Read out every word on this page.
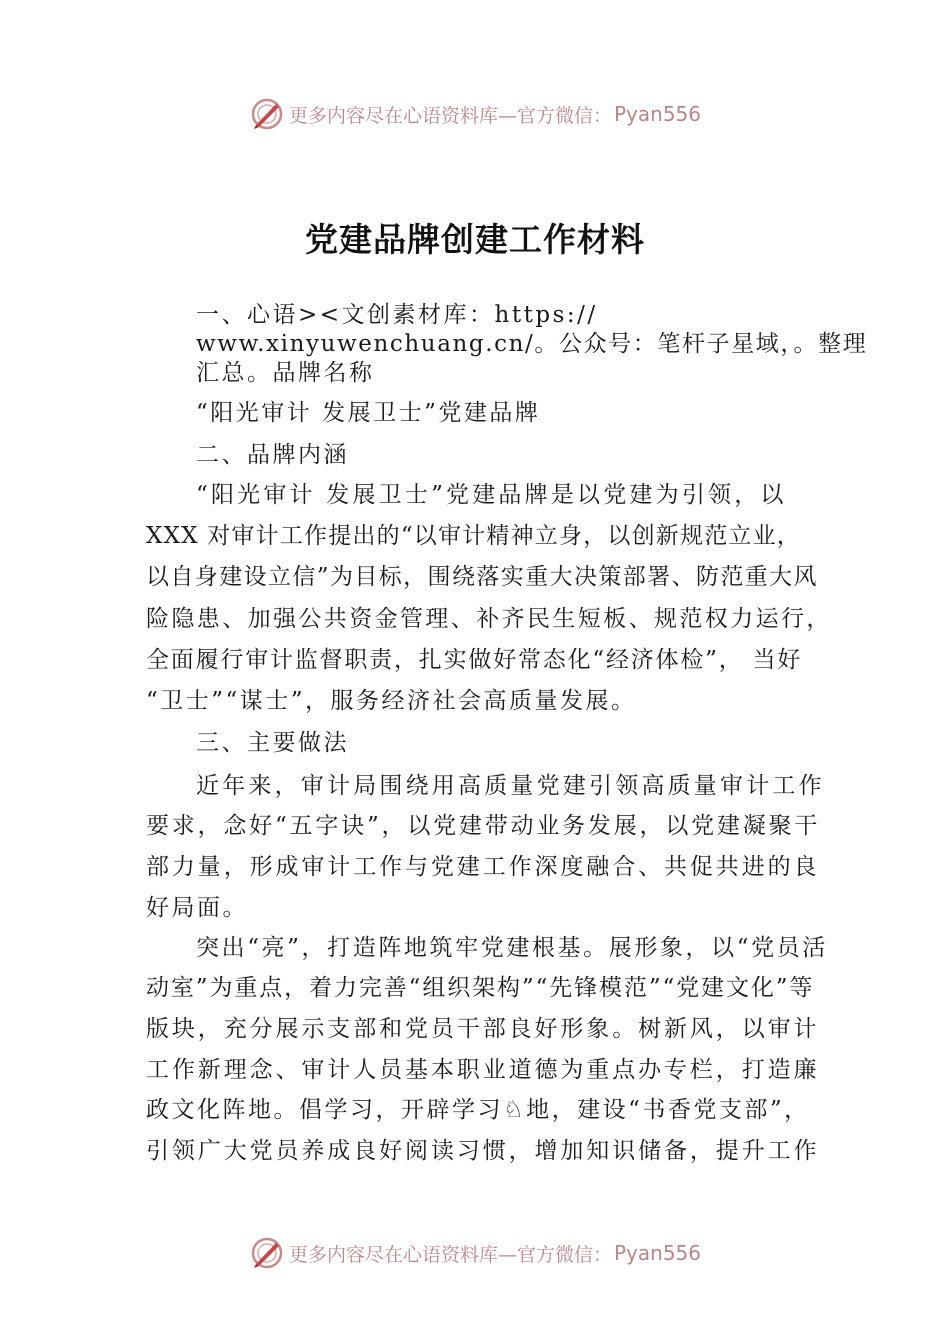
更多内容尽在心语资料库—官方微信： Pyan556
党建品牌创建工作材料
一、心语><文创素材库：https://
www.xinyuwenchuang.cn/。公众号：笔杆子星域，。整理
汇总。品牌名称
“阳光审计 发展卫士”党建品牌
二、品牌内涵
“阳光审计 发展卫士”党建品牌是以党建为引领，以
XXX 对审计工作提出的“以审计精神立身，以创新规范立业，
以自身建设立信”为目标，围绕落实重大决策部署、防范重大风
险隐患、加强公共资金管理、补齐民生短板、规范权力运行，
全面履行审计监督职责，扎实做好常态化“经济体检”， 当好
“卫士”“谋士”，服务经济社会高质量发展。
三、主要做法
近年来，审计局围绕用高质量党建引领高质量审计工作
要求，念好“五字诀”，以党建带动业务发展，以党建凝聚干
部力量，形成审计工作与党建工作深度融合、共促共进的良
好局面。
突出“亮”，打造阵地筑牢党建根基。展形象，以“党员活
动室”为重点，着力完善“组织架构”“先锋模范”“党建文化”等
版块，充分展示支部和党员干部良好形象。树新风，以审计
工作新理念、审计人员基本职业道德为重点办专栏，打造廉
政文化阵地。倡学习，开辟学习♘地，建设“书香党支部”，
引领广大党员养成良好阅读习惯，增加知识储备，提升工作
更多内容尽在心语资料库—官方微信： Pyan556
